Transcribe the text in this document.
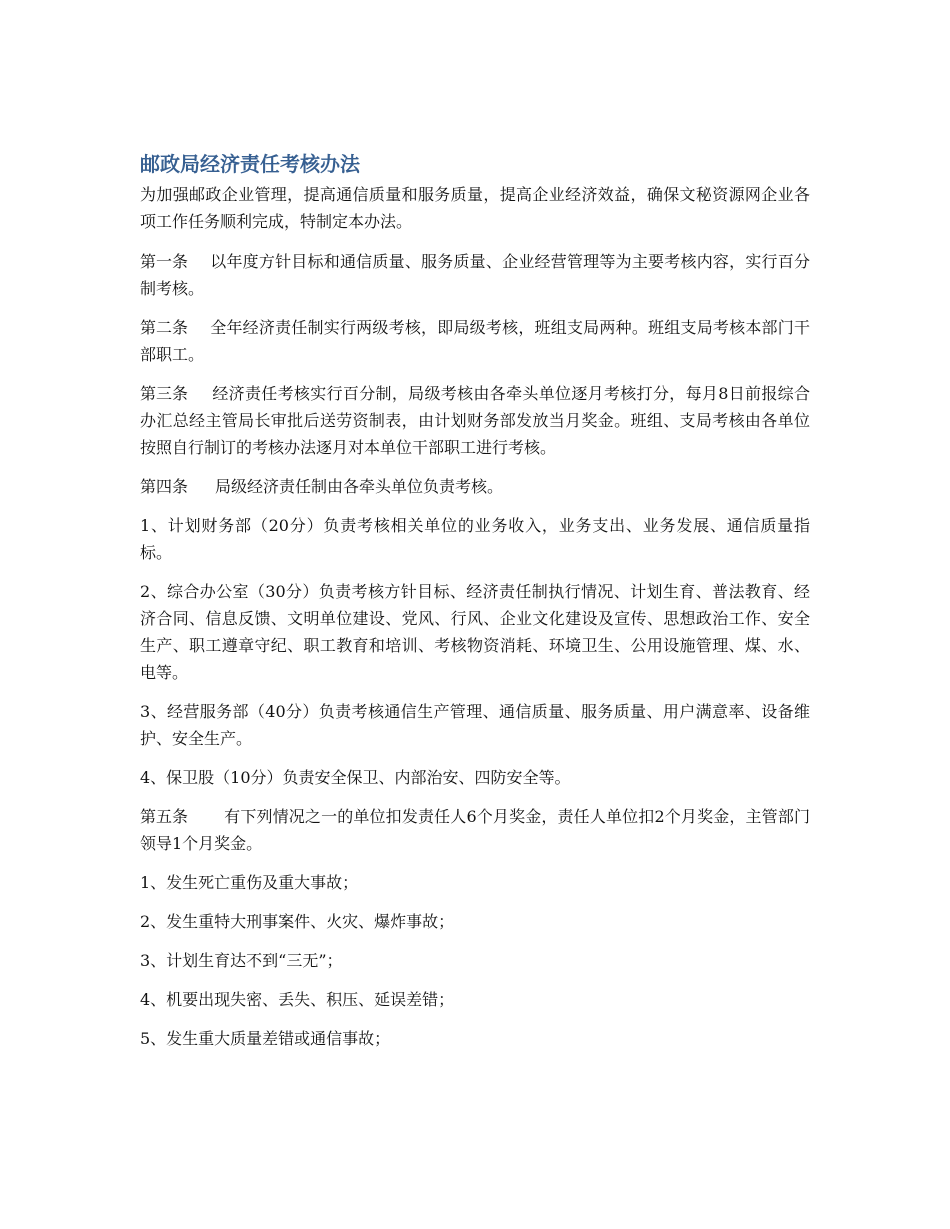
邮政局经济责任考核办法

为加强邮政企业管理，提高通信质量和服务质量，提高企业经济效益，确保文秘资源网企业各项工作任务顺利完成，特制定本办法。

第一条 以年度方针目标和通信质量、服务质量、企业经营管理等为主要考核内容，实行百分制考核。

第二条 全年经济责任制实行两级考核，即局级考核，班组支局两种。班组支局考核本部门干部职工。

第三条 经济责任考核实行百分制，局级考核由各牵头单位逐月考核打分，每月8日前报综合办汇总经主管局长审批后送劳资制表，由计划财务部发放当月奖金。班组、支局考核由各单位按照自行制订的考核办法逐月对本单位干部职工进行考核。

第四条 局级经济责任制由各牵头单位负责考核。

1、计划财务部（20分）负责考核相关单位的业务收入，业务支出、业务发展、通信质量指标。

2、综合办公室（30分）负责考核方针目标、经济责任制执行情况、计划生育、普法教育、经济合同、信息反馈、文明单位建设、党风、行风、企业文化建设及宣传、思想政治工作、安全生产、职工遵章守纪、职工教育和培训、考核物资消耗、环境卫生、公用设施管理、煤、水、电等。

3、经营服务部（40分）负责考核通信生产管理、通信质量、服务质量、用户满意率、设备维护、安全生产。

4、保卫股（10分）负责安全保卫、内部治安、四防安全等。

第五条 有下列情况之一的单位扣发责任人6个月奖金，责任人单位扣2个月奖金，主管部门领导1个月奖金。

1、发生死亡重伤及重大事故；

2、发生重特大刑事案件、火灾、爆炸事故；

3、计划生育达不到“三无”；

4、机要出现失密、丢失、积压、延误差错；

5、发生重大质量差错或通信事故；
